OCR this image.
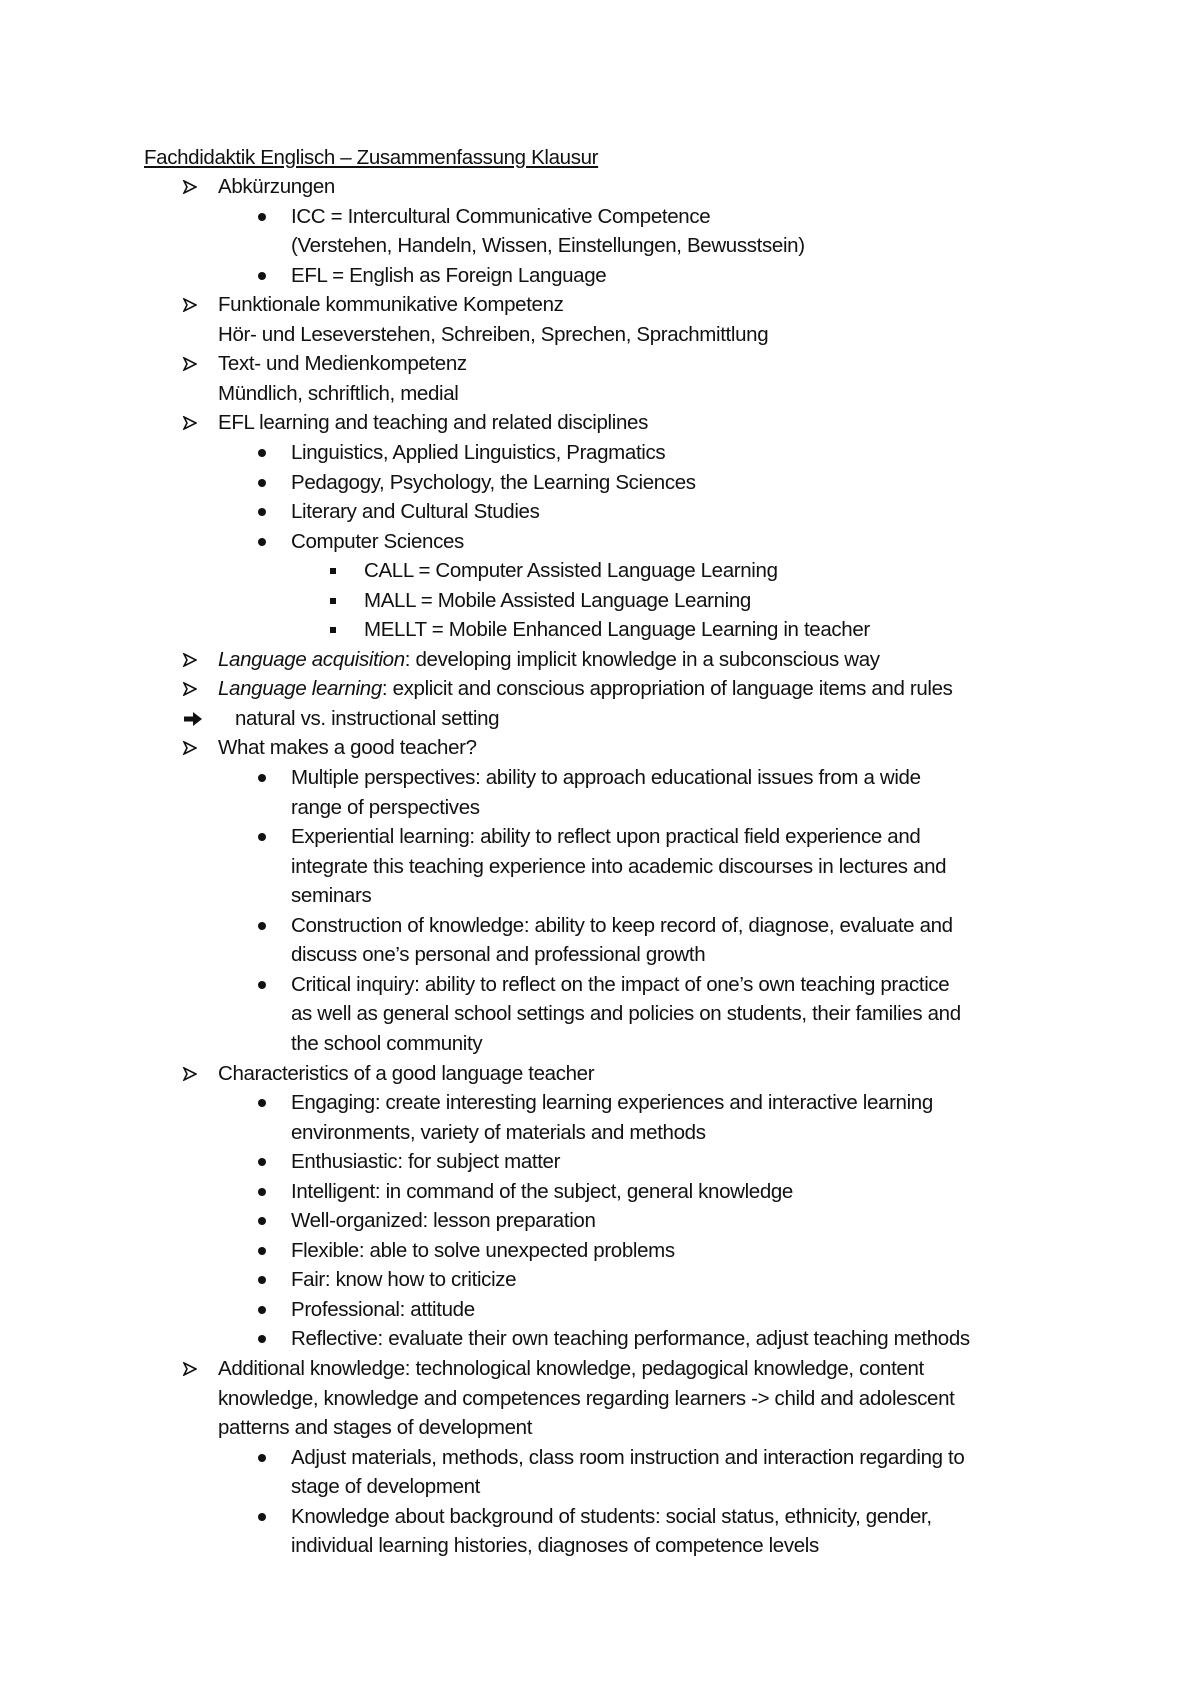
Fachdidaktik Englisch – Zusammenfassung Klausur
Abkürzungen
ICC = Intercultural Communicative Competence
(Verstehen, Handeln, Wissen, Einstellungen, Bewusstsein)
EFL = English as Foreign Language
Funktionale kommunikative Kompetenz
Hör- und Leseverstehen, Schreiben, Sprechen, Sprachmittlung
Text- und Medienkompetenz
Mündlich, schriftlich, medial
EFL learning and teaching and related disciplines
Linguistics, Applied Linguistics, Pragmatics
Pedagogy, Psychology, the Learning Sciences
Literary and Cultural Studies
Computer Sciences
CALL = Computer Assisted Language Learning
MALL = Mobile Assisted Language Learning
MELLT = Mobile Enhanced Language Learning in teacher
Language acquisition: developing implicit knowledge in a subconscious way
Language learning: explicit and conscious appropriation of language items and rules
natural vs. instructional setting
What makes a good teacher?
Multiple perspectives: ability to approach educational issues from a wide
range of perspectives
Experiential learning: ability to reflect upon practical field experience and
integrate this teaching experience into academic discourses in lectures and
seminars
Construction of knowledge: ability to keep record of, diagnose, evaluate and
discuss one’s personal and professional growth
Critical inquiry: ability to reflect on the impact of one’s own teaching practice
as well as general school settings and policies on students, their families and
the school community
Characteristics of a good language teacher
Engaging: create interesting learning experiences and interactive learning
environments, variety of materials and methods
Enthusiastic: for subject matter
Intelligent: in command of the subject, general knowledge
Well-organized: lesson preparation
Flexible: able to solve unexpected problems
Fair: know how to criticize
Professional: attitude
Reflective: evaluate their own teaching performance, adjust teaching methods
Additional knowledge: technological knowledge, pedagogical knowledge, content
knowledge, knowledge and competences regarding learners -> child and adolescent
patterns and stages of development
Adjust materials, methods, class room instruction and interaction regarding to
stage of development
Knowledge about background of students: social status, ethnicity, gender,
individual learning histories, diagnoses of competence levels
